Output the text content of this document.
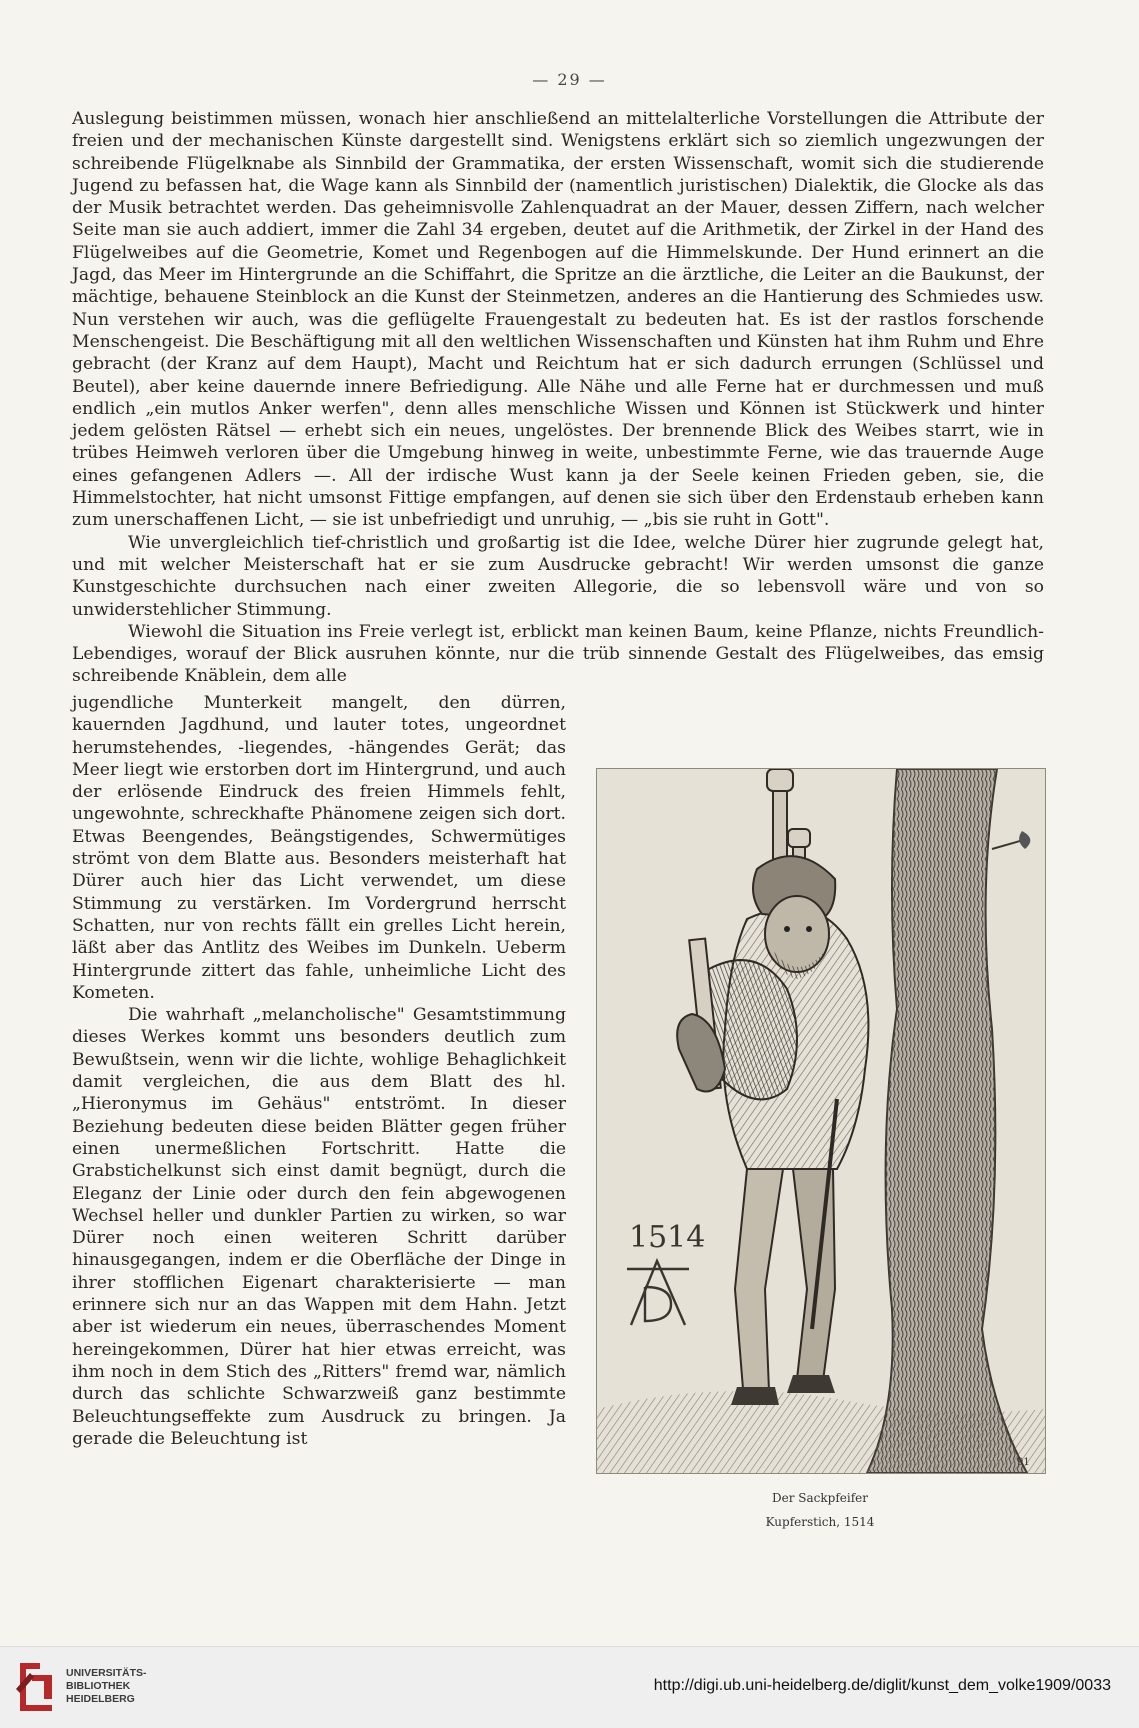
— 29 —

Auslegung beistimmen müssen, wonach hier anschließend an mittelalterliche Vorstellungen die Attribute der freien und der mechanischen Künste dargestellt sind. Wenigstens erklärt sich so ziemlich ungezwungen der schreibende Flügelknabe als Sinnbild der Grammatika, der ersten Wissenschaft, womit sich die studierende Jugend zu befassen hat, die Wage kann als Sinnbild der (namentlich juristischen) Dialektik, die Glocke als das der Musik betrachtet werden. Das geheimnisvolle Zahlenquadrat an der Mauer, dessen Ziffern, nach welcher Seite man sie auch addiert, immer die Zahl 34 ergeben, deutet auf die Arithmetik, der Zirkel in der Hand des Flügelweibes auf die Geometrie, Komet und Regenbogen auf die Himmelskunde. Der Hund erinnert an die Jagd, das Meer im Hintergrunde an die Schiffahrt, die Spritze an die ärztliche, die Leiter an die Baukunst, der mächtige, behauene Steinblock an die Kunst der Steinmetzen, anderes an die Hantierung des Schmiedes usw. Nun verstehen wir auch, was die geflügelte Frauengestalt zu bedeuten hat. Es ist der rastlos forschende Menschengeist. Die Beschäftigung mit all den weltlichen Wissenschaften und Künsten hat ihm Ruhm und Ehre gebracht (der Kranz auf dem Haupt), Macht und Reichtum hat er sich dadurch errungen (Schlüssel und Beutel), aber keine dauernde innere Befriedigung. Alle Nähe und alle Ferne hat er durchmessen und muß endlich „ein mutlos Anker werfen", denn alles menschliche Wissen und Können ist Stückwerk und hinter jedem gelösten Rätsel — erhebt sich ein neues, ungelöstes. Der brennende Blick des Weibes starrt, wie in trübes Heimweh verloren über die Umgebung hinweg in weite, unbestimmte Ferne, wie das trauernde Auge eines gefangenen Adlers —. All der irdische Wust kann ja der Seele keinen Frieden geben, sie, die Himmelstochter, hat nicht umsonst Fittige empfangen, auf denen sie sich über den Erdenstaub erheben kann zum unerschaffenen Licht, — sie ist unbefriedigt und unruhig, — „bis sie ruht in Gott".

Wie unvergleichlich tief-christlich und großartig ist die Idee, welche Dürer hier zugrunde gelegt hat, und mit welcher Meisterschaft hat er sie zum Ausdrucke gebracht! Wir werden umsonst die ganze Kunstgeschichte durchsuchen nach einer zweiten Allegorie, die so lebensvoll wäre und von so unwiderstehlicher Stimmung.

Wiewohl die Situation ins Freie verlegt ist, erblickt man keinen Baum, keine Pflanze, nichts Freundlich-Lebendiges, worauf der Blick ausruhen könnte, nur die trüb sinnende Gestalt des Flügelweibes, das emsig schreibende Knäblein, dem alle

jugendliche Munterkeit mangelt, den dürren, kauernden Jagdhund, und lauter totes, ungeordnet herumstehendes, -liegendes, -hängendes Gerät; das Meer liegt wie erstorben dort im Hintergrund, und auch der erlösende Eindruck des freien Himmels fehlt, ungewohnte, schreckhafte Phänomene zeigen sich dort. Etwas Beengendes, Beängstigendes, Schwermütiges strömt von dem Blatte aus. Besonders meisterhaft hat Dürer auch hier das Licht verwendet, um diese Stimmung zu verstärken. Im Vordergrund herrscht Schatten, nur von rechts fällt ein grelles Licht herein, läßt aber das Antlitz des Weibes im Dunkeln. Ueberm Hintergrunde zittert das fahle, unheimliche Licht des Kometen.

Die wahrhaft „melancholische" Gesamtstimmung dieses Werkes kommt uns besonders deutlich zum Bewußtsein, wenn wir die lichte, wohlige Behaglichkeit damit vergleichen, die aus dem Blatt des hl. „Hieronymus im Gehäus" entströmt. In dieser Beziehung bedeuten diese beiden Blätter gegen früher einen unermeßlichen Fortschritt. Hatte die Grabstichelkunst sich einst damit begnügt, durch die Eleganz der Linie oder durch den fein abgewogenen Wechsel heller und dunkler Partien zu wirken, so war Dürer noch einen weiteren Schritt darüber hinausgegangen, indem er die Oberfläche der Dinge in ihrer stofflichen Eigenart charakterisierte — man erinnere sich nur an das Wappen mit dem Hahn. Jetzt aber ist wiederum ein neues, überraschendes Moment hereingekommen, Dürer hat hier etwas erreicht, was ihm noch in dem Stich des „Ritters" fremd war, nämlich durch das schlichte Schwarzweiß ganz bestimmte Beleuchtungseffekte zum Ausdruck zu bringen. Ja gerade die Beleuchtung ist

1514
91
Der Sackpfeifer
Kupferstich, 1514
UNIVERSITÄTS-
BIBLIOTHEK
HEIDELBERG
http://digi.ub.uni-heidelberg.de/diglit/kunst_dem_volke1909/0033
